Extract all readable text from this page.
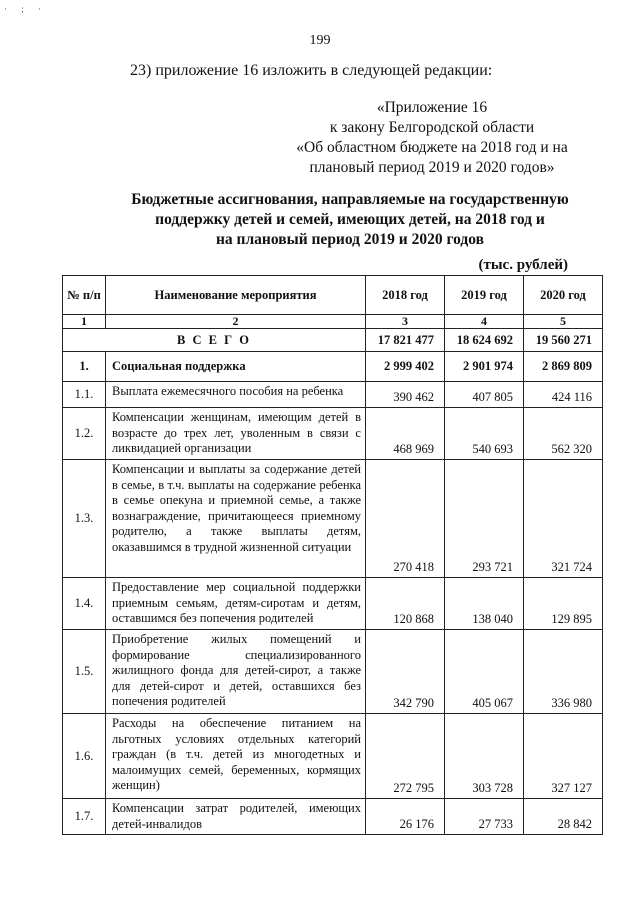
· ; ·
199
23) приложение 16 изложить в следующей редакции:
«Приложение 16
к закону Белгородской области
«Об областном бюджете на 2018 год и на
плановый период 2019 и 2020 годов»
Бюджетные ассигнования, направляемые на государственную
поддержку детей и семей, имеющих детей, на 2018 год и
на плановый период 2019 и 2020 годов
(тыс. рублей)
№ п/п	Наименование мероприятия	2018 год	2019 год	2020 год
1	2	3	4	5
В С Е Г О		17 821 477	18 624 692	19 560 271
1.	Социальная поддержка	2 999 402	2 901 974	2 869 809
1.1.	Выплата ежемесячного пособия на ребенка	390 462	407 805	424 116
1.2.	Компенсации женщинам, имеющим детей в возрасте до трех лет, уволенным в связи с ликвидацией организации	468 969	540 693	562 320
1.3.	Компенсации и выплаты за содержание детей в семье, в т.ч. выплаты на содержание ребенка в семье опекуна и приемной семье, а также вознаграждение, причитающееся приемному родителю, а также выплаты детям, оказавшимся в трудной жизненной ситуации	270 418	293 721	321 724
1.4.	Предоставление мер социальной поддержки приемным семьям, детям-сиротам и детям, оставшимся без попечения родителей	120 868	138 040	129 895
1.5.	Приобретение жилых помещений и формирование специализированного жилищного фонда для детей-сирот, а также для детей-сирот и детей, оставшихся без попечения родителей	342 790	405 067	336 980
1.6.	Расходы на обеспечение питанием на льготных условиях отдельных категорий граждан (в т.ч. детей из многодетных и малоимущих семей, беременных, кормящих женщин)	272 795	303 728	327 127
1.7.	Компенсации затрат родителей, имеющих детей-инвалидов	26 176	27 733	28 842
